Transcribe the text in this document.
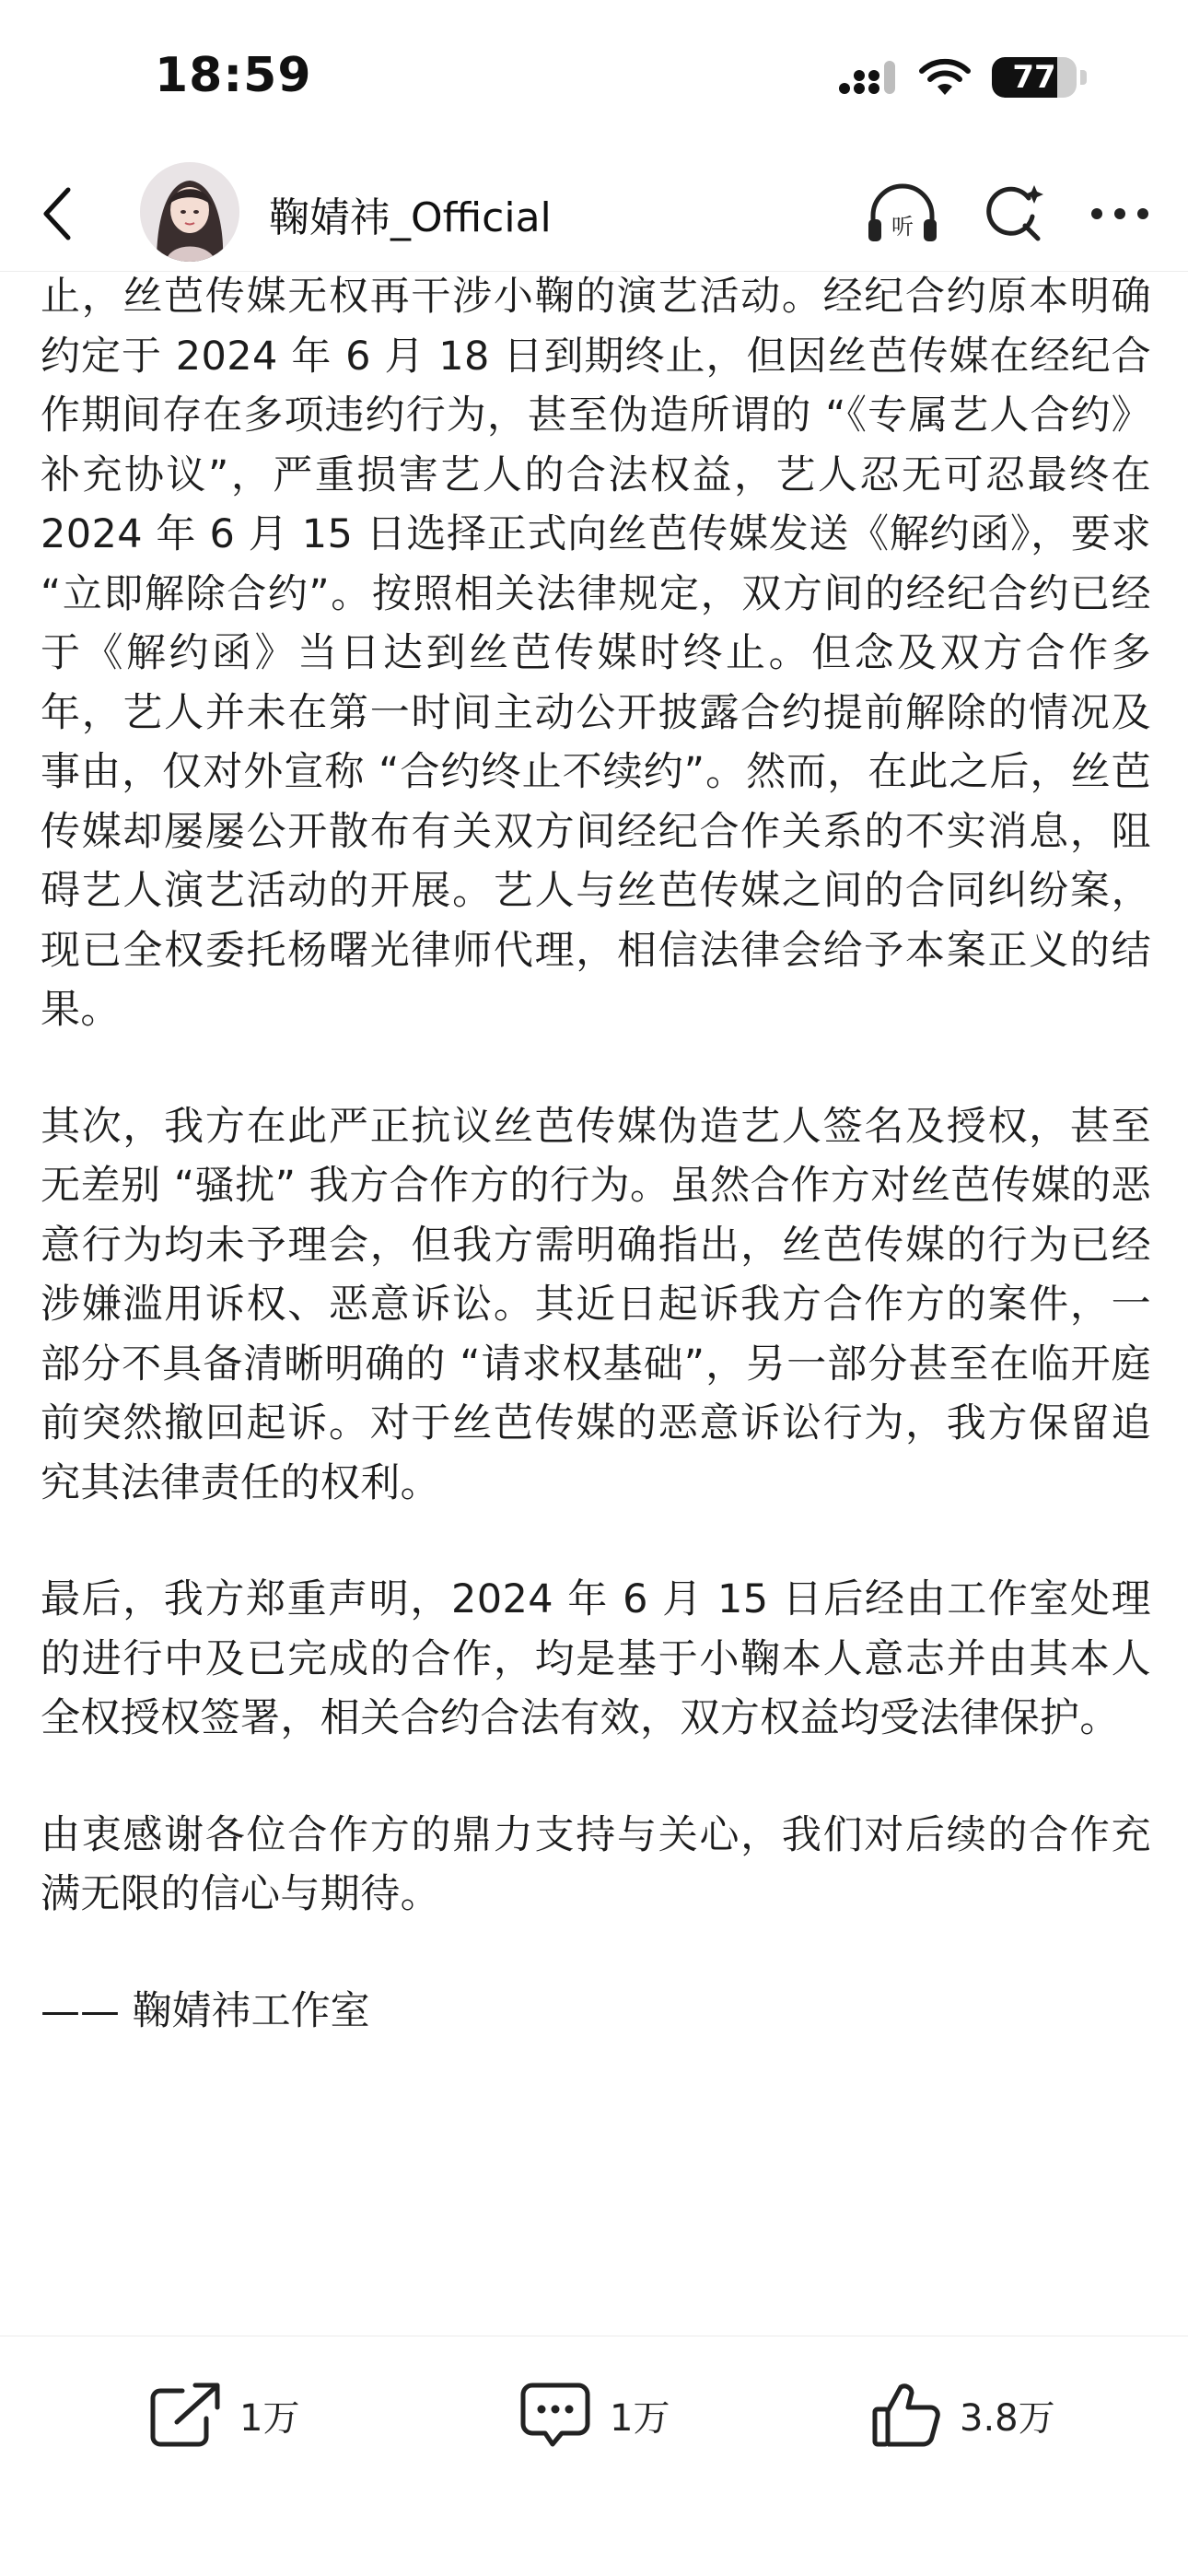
18:59	77
鞠婧祎_Official	听

止，丝芭传媒无权再干涉小鞠的演艺活动。经纪合约原本明确约定于 2024 年 6 月 18 日到期终止，但因丝芭传媒在经纪合作期间存在多项违约行为，甚至伪造所谓的 “《专属艺人合约》补充协议”，严重损害艺人的合法权益，艺人忍无可忍最终在 2024 年 6 月 15 日选择正式向丝芭传媒发送《解约函》，要求 “立即解除合约”。按照相关法律规定，双方间的经纪合约已经于《解约函》当日达到丝芭传媒时终止。但念及双方合作多年，艺人并未在第一时间主动公开披露合约提前解除的情况及事由，仅对外宣称 “合约终止不续约”。然而，在此之后，丝芭传媒却屡屡公开散布有关双方间经纪合作关系的不实消息，阻碍艺人演艺活动的开展。艺人与丝芭传媒之间的合同纠纷案，现已全权委托杨曙光律师代理，相信法律会给予本案正义的结果。

其次，我方在此严正抗议丝芭传媒伪造艺人签名及授权，甚至无差别 “骚扰” 我方合作方的行为。虽然合作方对丝芭传媒的恶意行为均未予理会，但我方需明确指出，丝芭传媒的行为已经涉嫌滥用诉权、恶意诉讼。其近日起诉我方合作方的案件，一部分不具备清晰明确的 “请求权基础”，另一部分甚至在临开庭前突然撤回起诉。对于丝芭传媒的恶意诉讼行为，我方保留追究其法律责任的权利。

最后，我方郑重声明，2024 年 6 月 15 日后经由工作室处理的进行中及已完成的合作，均是基于小鞠本人意志并由其本人全权授权签署，相关合约合法有效，双方权益均受法律保护。

由衷感谢各位合作方的鼎力支持与关心，我们对后续的合作充满无限的信心与期待。

—— 鞠婧祎工作室
1万	1万	3.8万
